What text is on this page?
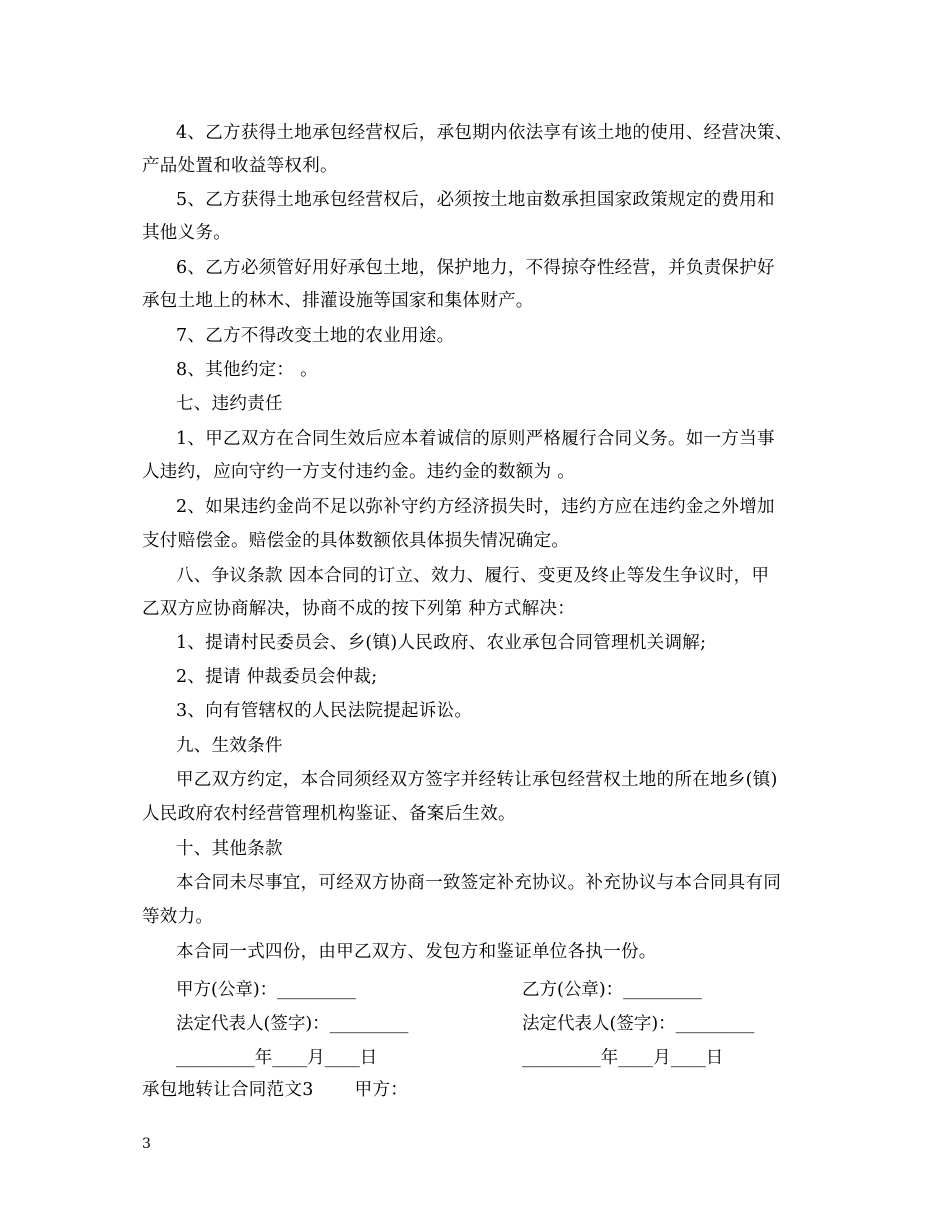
4、乙方获得土地承包经营权后，承包期内依法享有该土地的使用、经营决策、
产品处置和收益等权利。
5、乙方获得土地承包经营权后，必须按土地亩数承担国家政策规定的费用和
其他义务。
6、乙方必须管好用好承包土地，保护地力，不得掠夺性经营，并负责保护好
承包土地上的林木、排灌设施等国家和集体财产。
7、乙方不得改变土地的农业用途。
8、其他约定： 。
七、违约责任
1、甲乙双方在合同生效后应本着诚信的原则严格履行合同义务。如一方当事
人违约，应向守约一方支付违约金。违约金的数额为 。
2、如果违约金尚不足以弥补守约方经济损失时，违约方应在违约金之外增加
支付赔偿金。赔偿金的具体数额依具体损失情况确定。
八、争议条款 因本合同的订立、效力、履行、变更及终止等发生争议时，甲
乙双方应协商解决，协商不成的按下列第 种方式解决：
1、提请村民委员会、乡(镇)人民政府、农业承包合同管理机关调解;
2、提请 仲裁委员会仲裁;
3、向有管辖权的人民法院提起诉讼。
九、生效条件
甲乙双方约定，本合同须经双方签字并经转让承包经营权土地的所在地乡(镇)
人民政府农村经营管理机构鉴证、备案后生效。
十、其他条款
本合同未尽事宜，可经双方协商一致签定补充协议。补充协议与本合同具有同
等效力。
本合同一式四份，由甲乙双方、发包方和鉴证单位各执一份。
甲方(公章)：_________	乙方(公章)：_________
法定代表人(签字)：_________	法定代表人(签字)：_________
_________年____月____日	_________年____月____日
承包地转让合同范文3       甲方：
3
